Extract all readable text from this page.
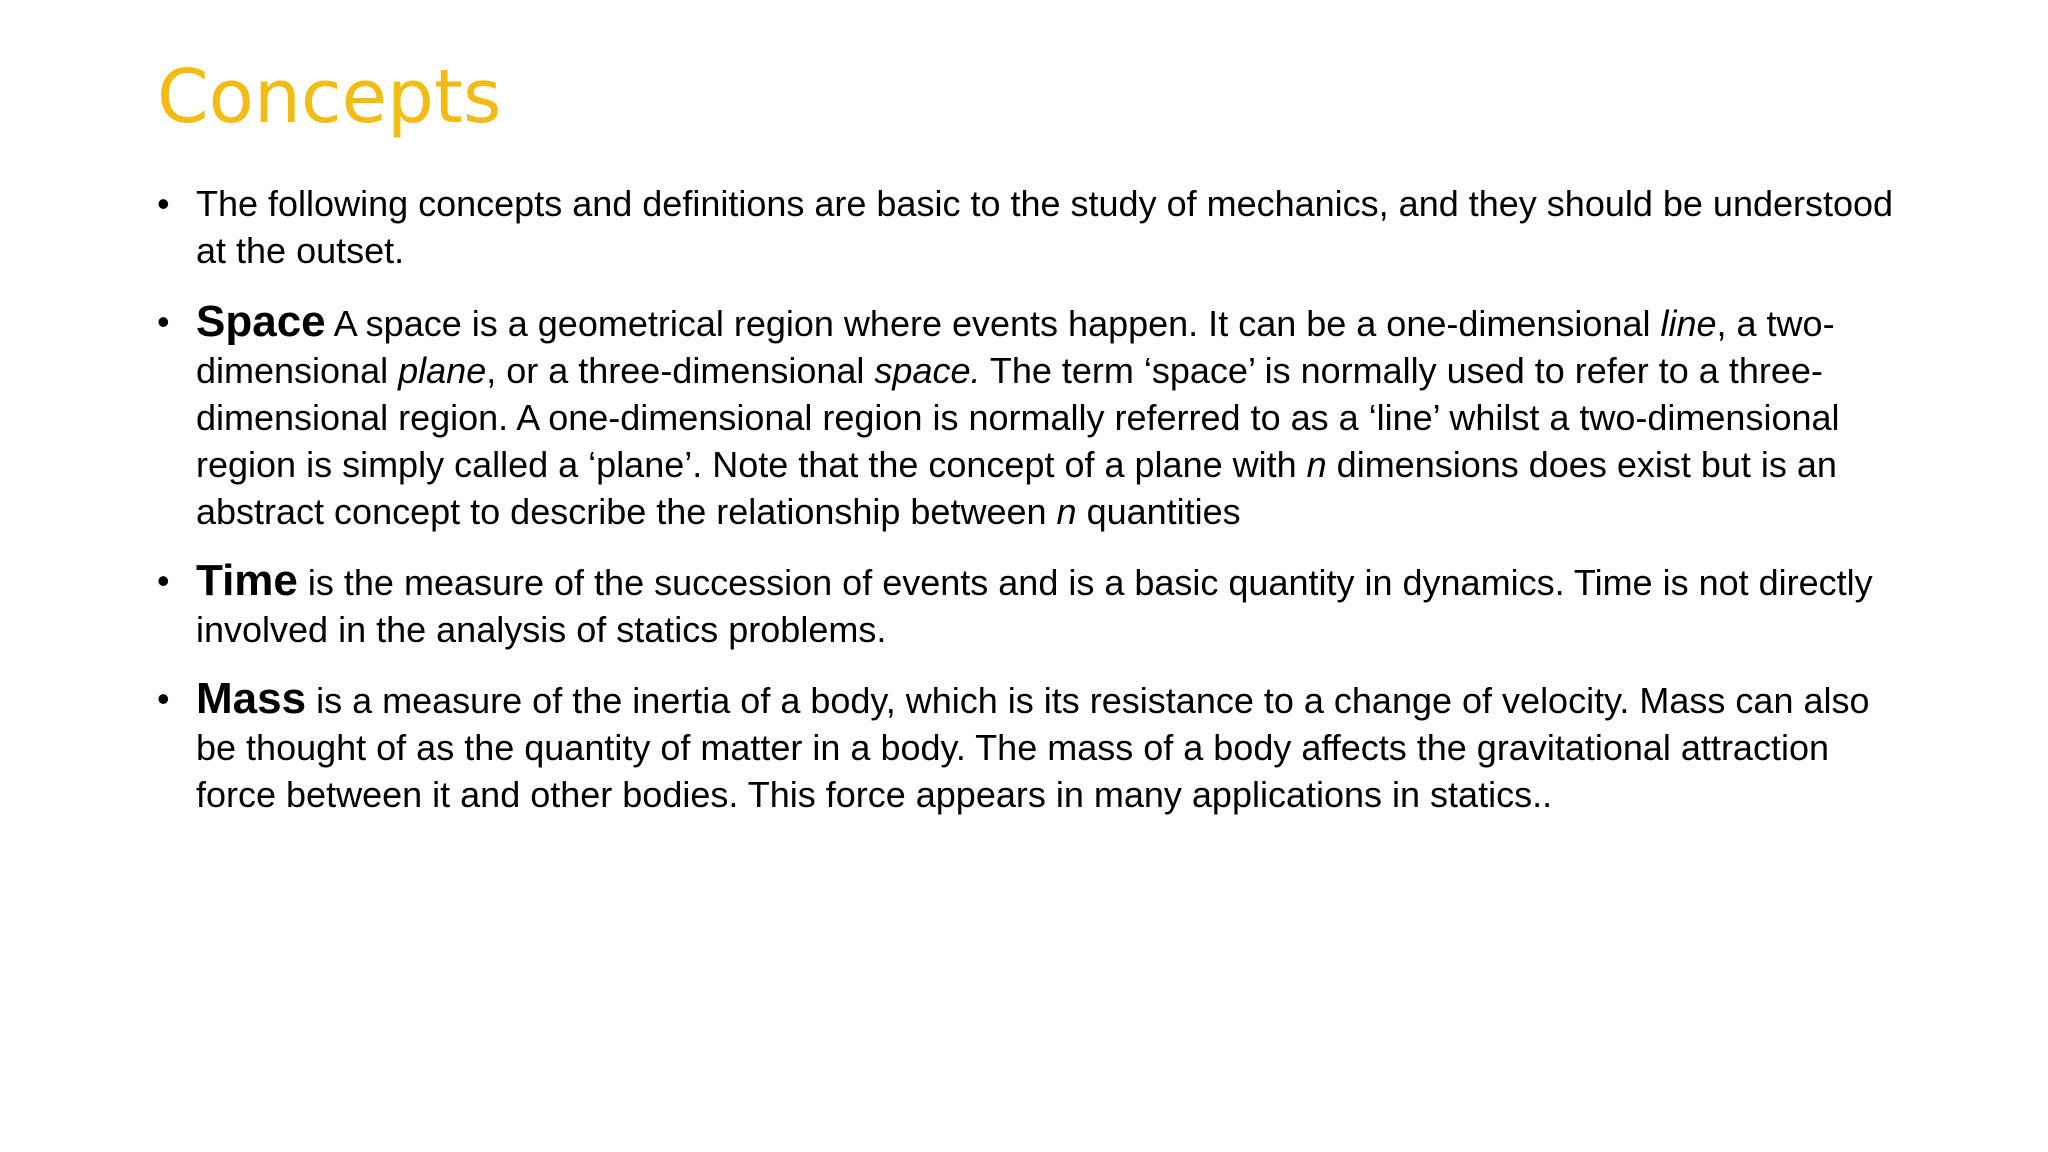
Concepts
• The following concepts and definitions are basic to the study of mechanics, and they should be understood at the outset.
• Space A space is a geometrical region where events happen. It can be a one-dimensional line, a two-dimensional plane, or a three-dimensional space. The term ‘space’ is normally used to refer to a three-dimensional region. A one-dimensional region is normally referred to as a ‘line’ whilst a two-dimensional region is simply called a ‘plane’. Note that the concept of a plane with n dimensions does exist but is an abstract concept to describe the relationship between n quantities
• Time is the measure of the succession of events and is a basic quantity in dynamics. Time is not directly involved in the analysis of statics problems.
• Mass is a measure of the inertia of a body, which is its resistance to a change of velocity. Mass can also be thought of as the quantity of matter in a body. The mass of a body affects the gravitational attraction force between it and other bodies. This force appears in many applications in statics..
